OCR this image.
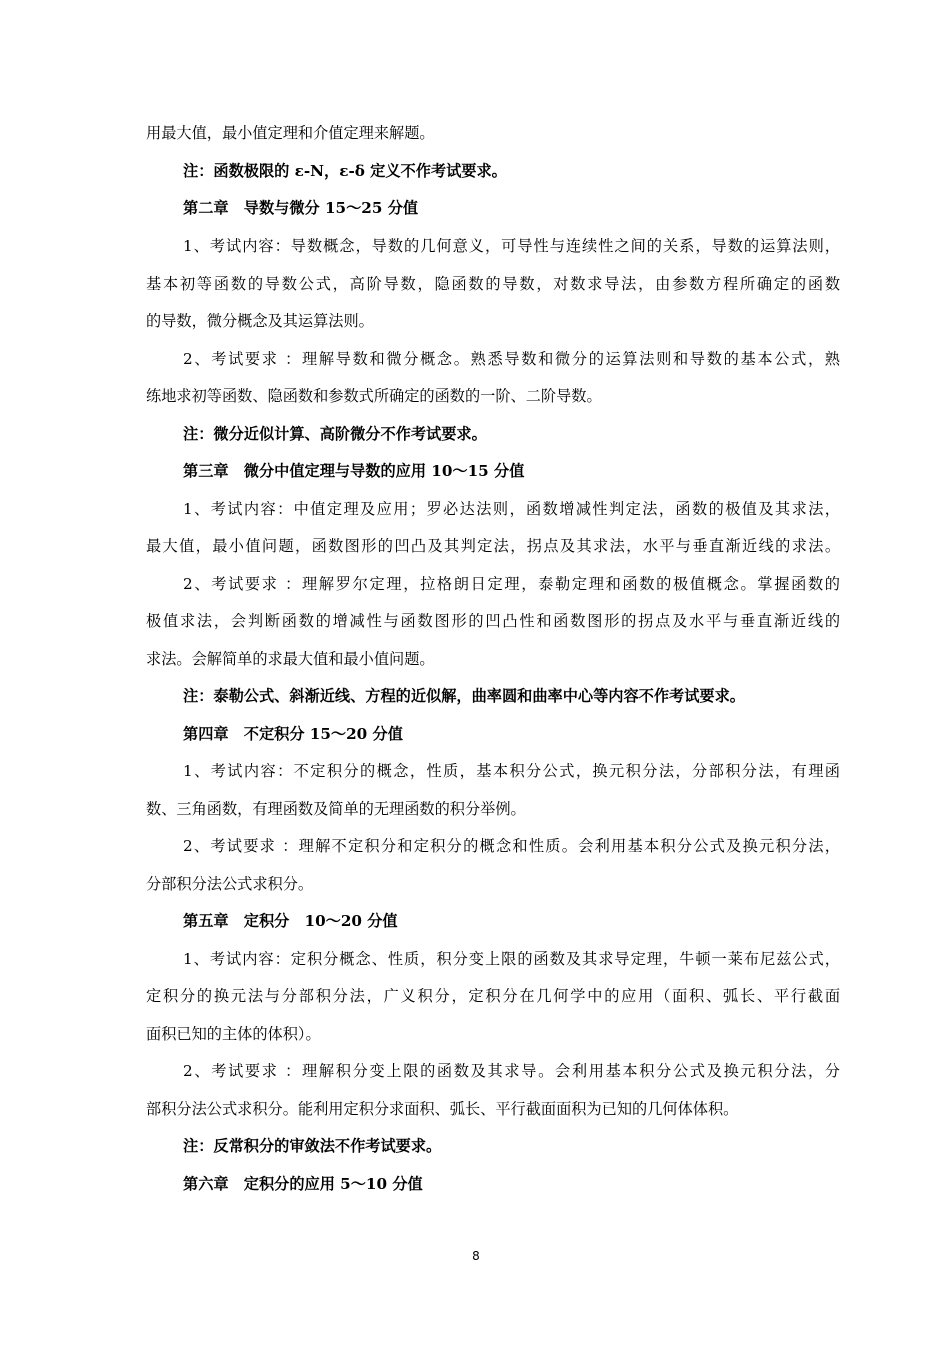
用最大值，最小值定理和介值定理来解题。
注：函数极限的 ε-N，ε-δ 定义不作考试要求。
第二章　导数与微分 15～25 分值
1、考试内容：导数概念，导数的几何意义，可导性与连续性之间的关系，导数的运算法则，
基本初等函数的导数公式，高阶导数，隐函数的导数，对数求导法，由参数方程所确定的函数
的导数，微分概念及其运算法则。
2、考试要求 ：理解导数和微分概念。熟悉导数和微分的运算法则和导数的基本公式，熟
练地求初等函数、隐函数和参数式所确定的函数的一阶、二阶导数。
注：微分近似计算、高阶微分不作考试要求。
第三章　微分中值定理与导数的应用 10～15 分值
1、考试内容：中值定理及应用；罗必达法则，函数增减性判定法，函数的极值及其求法，
最大值，最小值问题，函数图形的凹凸及其判定法，拐点及其求法，水平与垂直渐近线的求法。
2、考试要求 ：理解罗尔定理，拉格朗日定理，泰勒定理和函数的极值概念。掌握函数的
极值求法，会判断函数的增减性与函数图形的凹凸性和函数图形的拐点及水平与垂直渐近线的
求法。会解简单的求最大值和最小值问题。
注：泰勒公式、斜渐近线、方程的近似解，曲率圆和曲率中心等内容不作考试要求。
第四章　不定积分 15～20 分值
1、考试内容：不定积分的概念，性质，基本积分公式，换元积分法，分部积分法，有理函
数、三角函数，有理函数及简单的无理函数的积分举例。
2、考试要求 ：理解不定积分和定积分的概念和性质。会利用基本积分公式及换元积分法，
分部积分法公式求积分。
第五章　定积分　10～20 分值
1、考试内容：定积分概念、性质，积分变上限的函数及其求导定理，牛顿一莱布尼兹公式，
定积分的换元法与分部积分法，广义积分，定积分在几何学中的应用（面积、弧长、平行截面
面积已知的主体的体积）。
2、考试要求 ：理解积分变上限的函数及其求导。会利用基本积分公式及换元积分法，分
部积分法公式求积分。能利用定积分求面积、弧长、平行截面面积为已知的几何体体积。
注：反常积分的审敛法不作考试要求。
第六章　定积分的应用 5～10 分值
8
